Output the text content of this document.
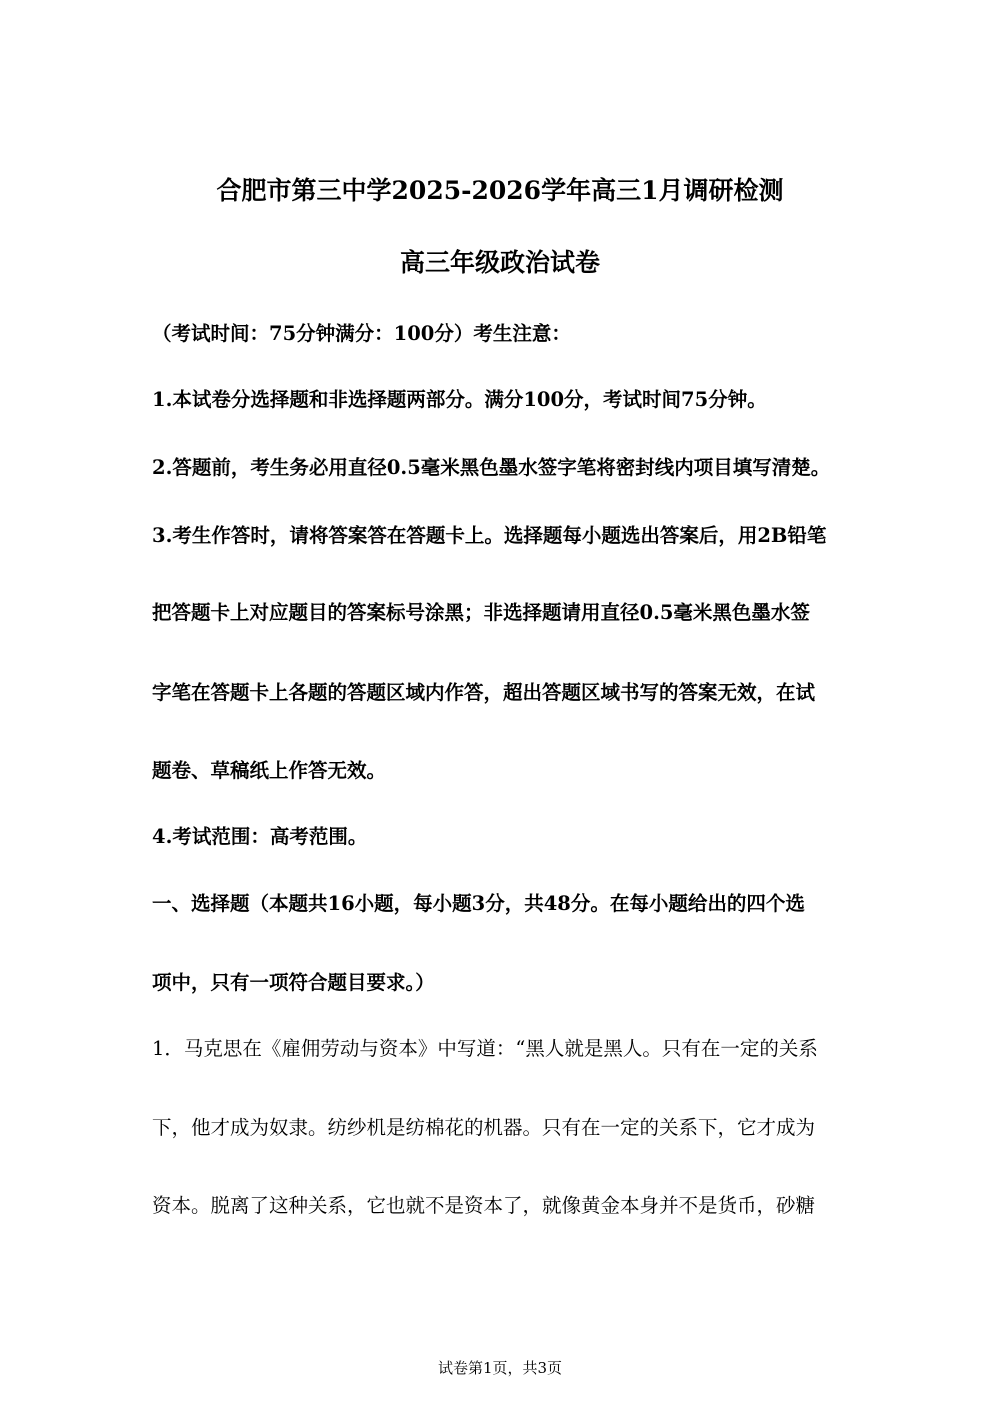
合肥市第三中学2025-2026学年高三1月调研检测
高三年级政治试卷
（考试时间：75分钟满分：100分）考生注意：
1.本试卷分选择题和非选择题两部分。满分100分，考试时间75分钟。
2.答题前，考生务必用直径0.5毫米黑色墨水签字笔将密封线内项目填写清楚。
3.考生作答时，请将答案答在答题卡上。选择题每小题选出答案后，用2B铅笔
把答题卡上对应题目的答案标号涂黑；非选择题请用直径0.5毫米黑色墨水签
字笔在答题卡上各题的答题区域内作答，超出答题区域书写的答案无效，在试
题卷、草稿纸上作答无效。
4.考试范围：高考范围。
一、选择题（本题共16小题，每小题3分，共48分。在每小题给出的四个选
项中，只有一项符合题目要求。）
1．马克思在《雇佣劳动与资本》中写道：“黑人就是黑人。只有在一定的关系
下，他才成为奴隶。纺纱机是纺棉花的机器。只有在一定的关系下，它才成为
资本。脱离了这种关系，它也就不是资本了，就像黄金本身并不是货币，砂糖
试卷第1页，共3页
